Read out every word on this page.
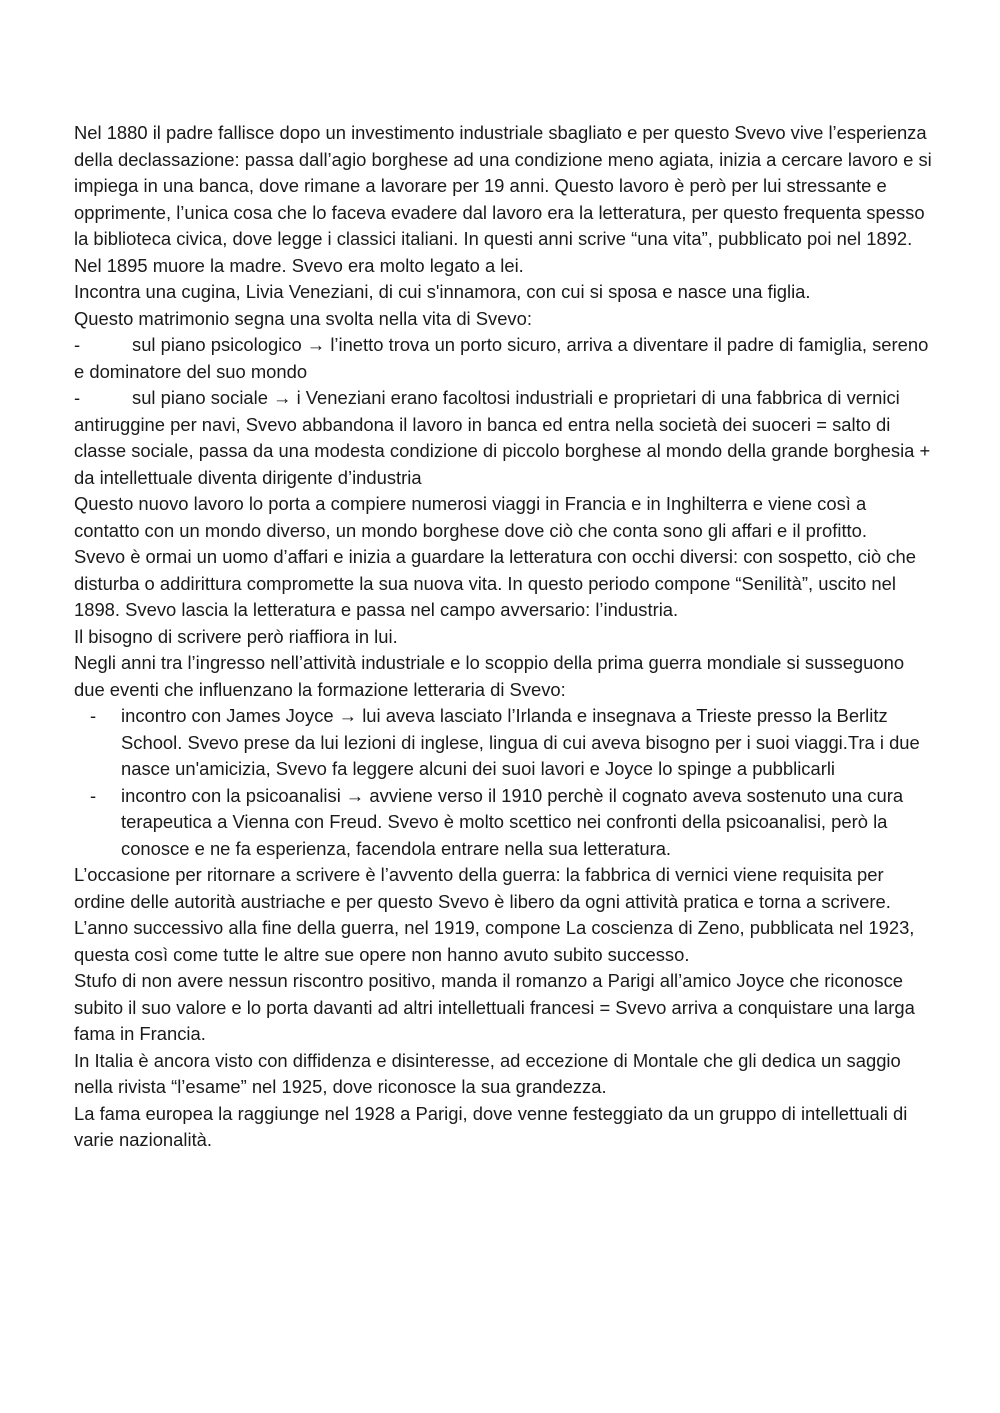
Nel 1880 il padre fallisce dopo un investimento industriale sbagliato e per questo Svevo vive l’esperienza della declassazione: passa dall’agio borghese ad una condizione meno agiata, inizia a cercare lavoro e si impiega in una banca, dove rimane a lavorare per 19 anni. Questo lavoro è però per lui stressante e opprimente, l’unica cosa che lo faceva evadere dal lavoro era la letteratura, per questo frequenta spesso la biblioteca civica, dove legge i classici italiani. In questi anni scrive “una vita”, pubblicato poi nel 1892.

Nel 1895 muore la madre. Svevo era molto legato a lei.

Incontra una cugina, Livia Veneziani, di cui s'innamora, con cui si sposa e nasce una figlia.

Questo matrimonio segna una svolta nella vita di Svevo:

-	sul piano psicologico → l’inetto trova un porto sicuro, arriva a diventare il padre di famiglia, sereno e dominatore del suo mondo

-	sul piano sociale → i Veneziani erano facoltosi industriali e proprietari di una fabbrica di vernici antiruggine per navi, Svevo abbandona il lavoro in banca ed entra nella società dei suoceri = salto di classe sociale, passa da una modesta condizione di piccolo borghese al mondo della grande borghesia + da intellettuale diventa dirigente d’industria

Questo nuovo lavoro lo porta a compiere numerosi viaggi in Francia e in Inghilterra e viene così a contatto con un mondo diverso, un mondo borghese dove ciò che conta sono gli affari e il profitto.

Svevo è ormai un uomo d’affari e inizia a guardare la letteratura con occhi diversi: con sospetto, ciò che disturba o addirittura compromette la sua nuova vita. In questo periodo compone “Senilità”, uscito nel 1898. Svevo lascia la letteratura e passa nel campo avversario: l’industria.

Il bisogno di scrivere però riaffiora in lui.

Negli anni tra l’ingresso nell’attività industriale e lo scoppio della prima guerra mondiale si susseguono due eventi che influenzano la formazione letteraria di Svevo:

- incontro con James Joyce → lui aveva lasciato l’Irlanda e insegnava a Trieste presso la Berlitz School. Svevo prese da lui lezioni di inglese, lingua di cui aveva bisogno per i suoi viaggi.Tra i due nasce un'amicizia, Svevo fa leggere alcuni dei suoi lavori e Joyce lo spinge a pubblicarli
- incontro con la psicoanalisi → avviene verso il 1910 perchè il cognato aveva sostenuto una cura terapeutica a Vienna con Freud. Svevo è molto scettico nei confronti della psicoanalisi, però la conosce e ne fa esperienza, facendola entrare nella sua letteratura.

L’occasione per ritornare a scrivere è l’avvento della guerra: la fabbrica di vernici viene requisita per ordine delle autorità austriache e per questo Svevo è libero da ogni attività pratica e torna a scrivere. L’anno successivo alla fine della guerra, nel 1919, compone La coscienza di Zeno, pubblicata nel 1923, questa così come tutte le altre sue opere non hanno avuto subito successo.

Stufo di non avere nessun riscontro positivo, manda il romanzo a Parigi all’amico Joyce che riconosce subito il suo valore e lo porta davanti ad altri intellettuali francesi = Svevo arriva a conquistare una larga fama in Francia.

In Italia è ancora visto con diffidenza e disinteresse, ad eccezione di Montale che gli dedica un saggio nella rivista “l’esame” nel 1925, dove riconosce la sua grandezza.

La fama europea la raggiunge nel 1928 a Parigi, dove venne festeggiato da un gruppo di intellettuali di varie nazionalità.
